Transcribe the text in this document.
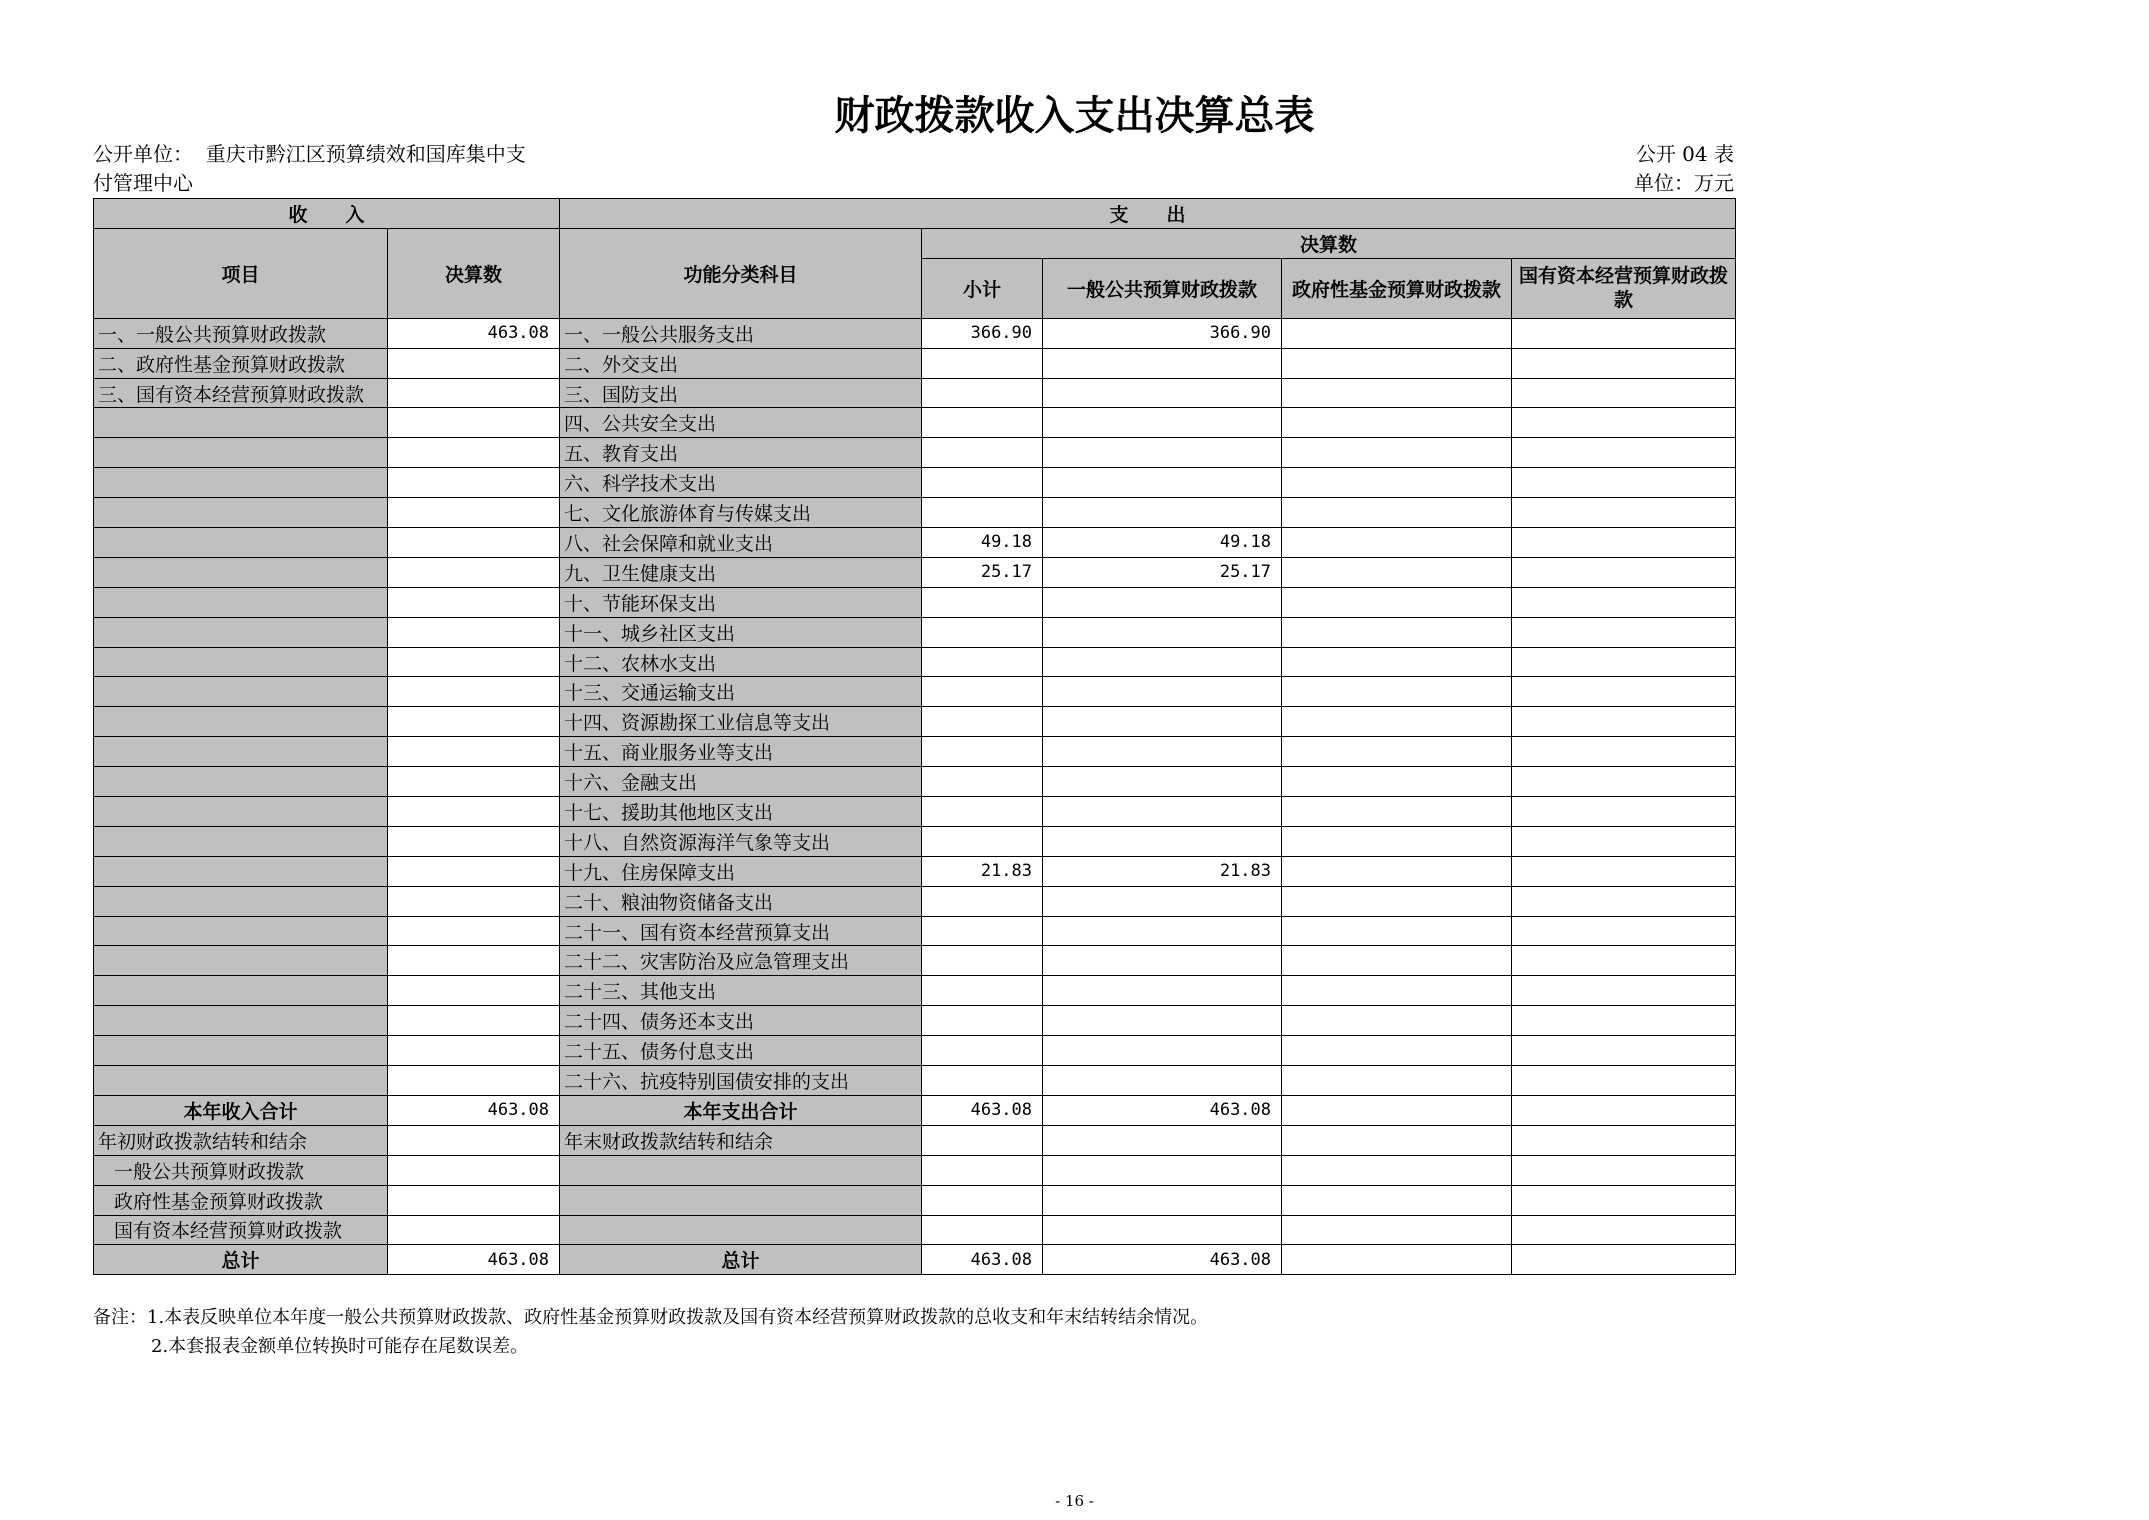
财政拨款收入支出决算总表
公开单位： 重庆市黔江区预算绩效和国库集中支
付管理中心
公开 04 表
单位：万元
收　　入		支　　出				
项目	决算数	功能分类科目	决算数			
			小计	一般公共预算财政拨款	政府性基金预算财政拨款	国有资本经营预算财政拨款
一、一般公共预算财政拨款	463.08	一、一般公共服务支出	366.90	366.90		
二、政府性基金预算财政拨款		二、外交支出				
三、国有资本经营预算财政拨款		三、国防支出				
		四、公共安全支出				
		五、教育支出				
		六、科学技术支出				
		七、文化旅游体育与传媒支出				
		八、社会保障和就业支出	49.18	49.18		
		九、卫生健康支出	25.17	25.17		
		十、节能环保支出				
		十一、城乡社区支出				
		十二、农林水支出				
		十三、交通运输支出				
		十四、资源勘探工业信息等支出				
		十五、商业服务业等支出				
		十六、金融支出				
		十七、援助其他地区支出				
		十八、自然资源海洋气象等支出				
		十九、住房保障支出	21.83	21.83		
		二十、粮油物资储备支出				
		二十一、国有资本经营预算支出				
		二十二、灾害防治及应急管理支出				
		二十三、其他支出				
		二十四、债务还本支出				
		二十五、债务付息支出				
		二十六、抗疫特别国债安排的支出				
本年收入合计	463.08	本年支出合计	463.08	463.08		
年初财政拨款结转和结余		年末财政拨款结转和结余				
一般公共预算财政拨款						
政府性基金预算财政拨款						
国有资本经营预算财政拨款						
总计	463.08	总计	463.08	463.08		
备注：1.本表反映单位本年度一般公共预算财政拨款、政府性基金预算财政拨款及国有资本经营预算财政拨款的总收支和年末结转结余情况。
2.本套报表金额单位转换时可能存在尾数误差。
- 16 -
